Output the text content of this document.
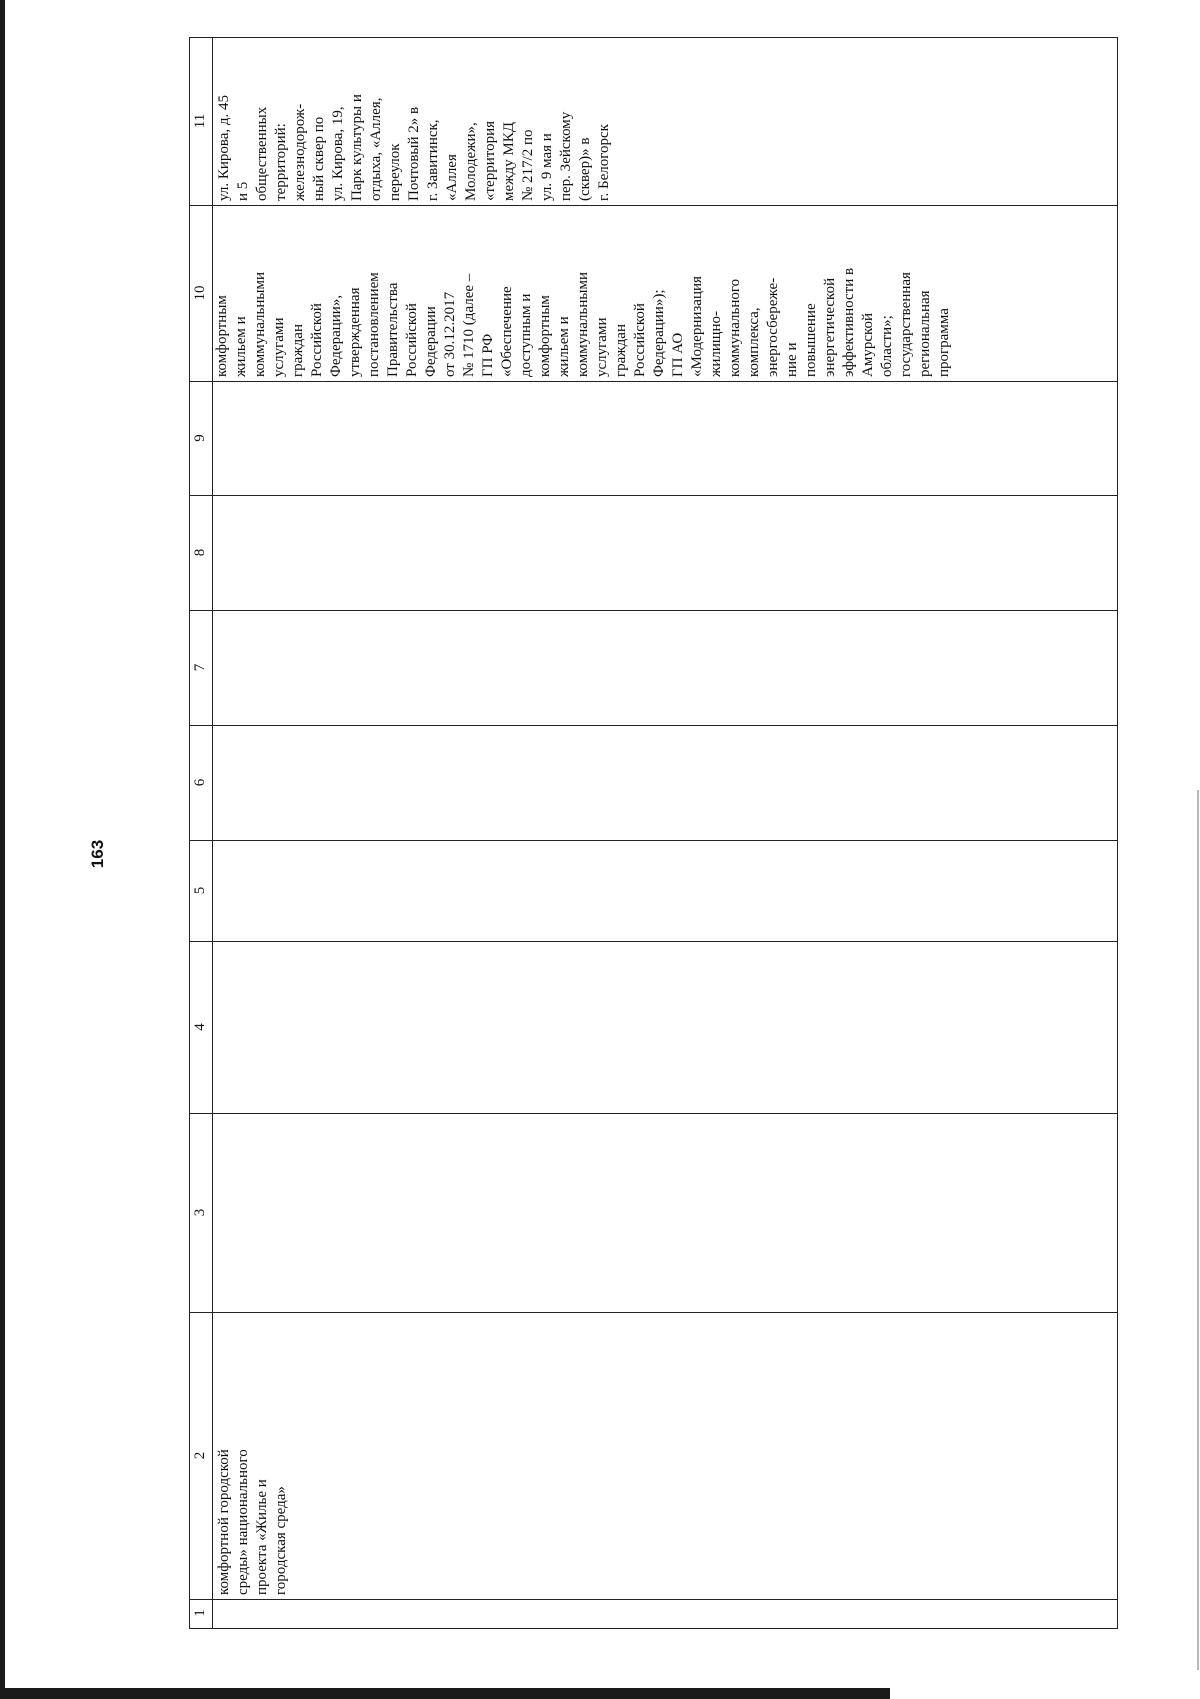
163
1
2
3
4
5
6
7
8
9
10
11
комфортной городской
среды» национального
проекта «Жилье и
городская среда»
комфортным
жильем и
коммунальными
услугами
граждан
Российской
Федерации»,
утвержденная
постановлением
Правительства
Российской
Федерации
от 30.12.2017
№ 1710 (далее –
ГП РФ
«Обеспечение
доступным и
комфортным
жильем и
коммунальными
услугами
граждан
Российской
Федерации»);
ГП АО
«Модернизация
жилищно-
коммунального
комплекса,
энергосбереже-
ние и
повышение
энергетической
эффективности в
Амурской
области»;
государственная
региональная
программа
ул. Кирова, д. 45
и 5
общественных
территорий:
железнодорож-
ный сквер по
ул. Кирова, 19,
Парк культуры и
отдыха, «Аллея,
переулок
Почтовый 2» в
г. Завитинск,
«Аллея
Молодежи»,
«территория
между МКД
№ 217/2 по
ул. 9 мая и
пер. Зейскому
(сквер)» в
г. Белогорск
